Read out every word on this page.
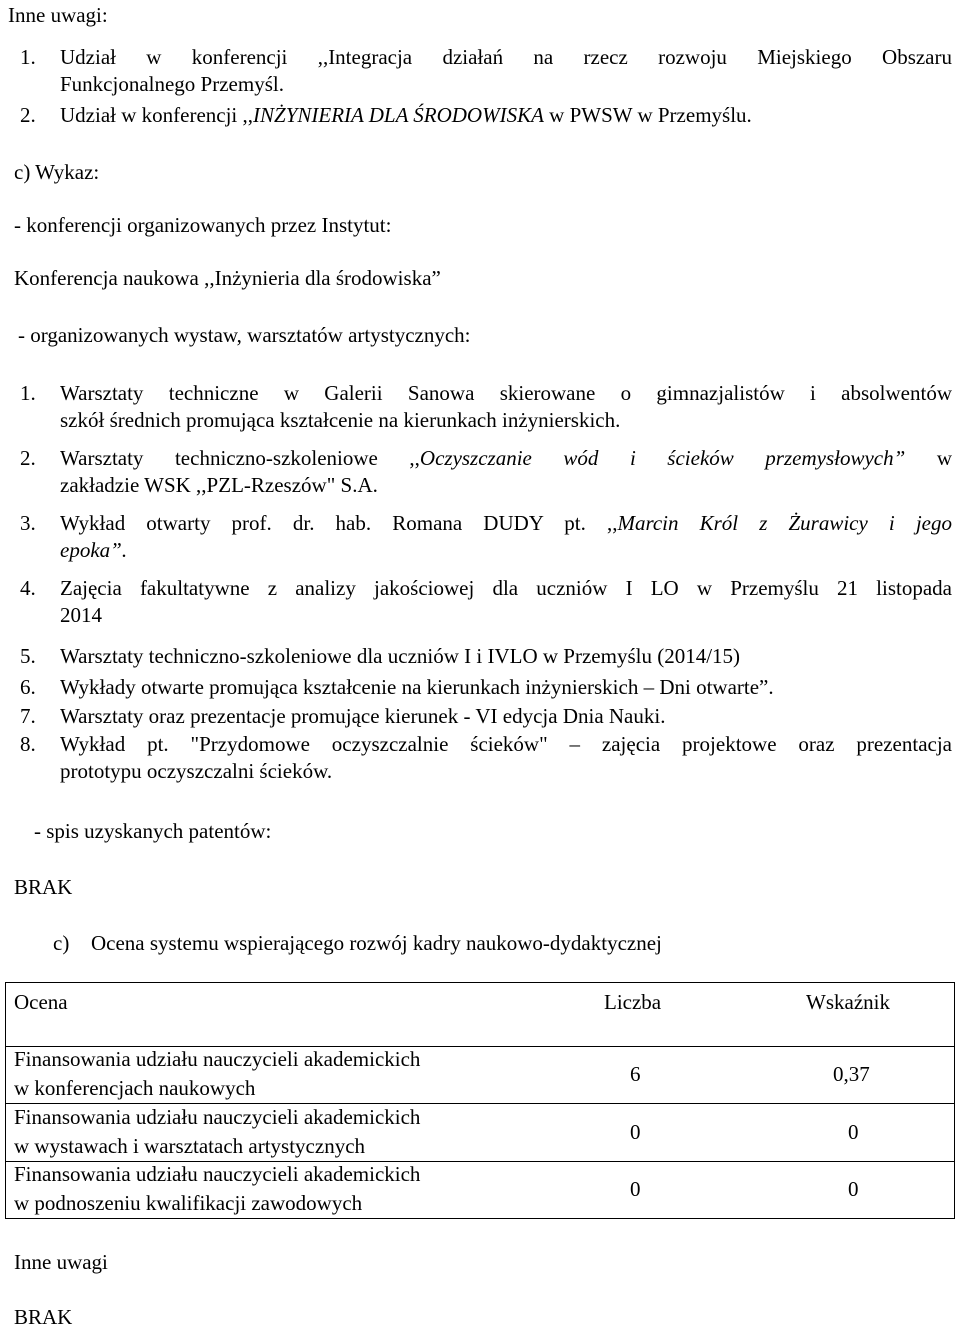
Inne uwagi:
1. Udział w konferencji ,,Integracja działań na rzecz rozwoju Miejskiego Obszaru
Funkcjonalnego Przemyśl.
2. Udział w konferencji ,,INŻYNIERIA DLA ŚRODOWISKA w PWSW w Przemyślu.
c) Wykaz:
- konferencji organizowanych przez Instytut:
Konferencja naukowa ,,Inżynieria dla środowiska”
- organizowanych wystaw, warsztatów artystycznych:
1. Warsztaty techniczne w Galerii Sanowa skierowane o gimnazjalistów i absolwentów
szkół średnich promująca kształcenie na kierunkach inżynierskich.
2. Warsztaty techniczno-szkoleniowe ,,Oczyszczanie wód i ścieków przemysłowych” w
zakładzie WSK ,,PZL-Rzeszów" S.A.
3. Wykład otwarty prof. dr. hab. Romana DUDY pt. ,,Marcin Król z Żurawicy i jego
epoka”.
4. Zajęcia fakultatywne z analizy jakościowej dla uczniów I LO w Przemyślu 21 listopada
2014
5. Warsztaty techniczno-szkoleniowe dla uczniów I i IVLO w Przemyślu (2014/15)
6. Wykłady otwarte promująca kształcenie na kierunkach inżynierskich – Dni otwarte”.
7. Warsztaty oraz prezentacje promujące kierunek - VI edycja Dnia Nauki.
8. Wykład pt. "Przydomowe oczyszczalnie ścieków" – zajęcia projektowe oraz prezentacja
prototypu oczyszczalni ścieków.
- spis uzyskanych patentów:
BRAK
c) Ocena systemu wspierającego rozwój kadry naukowo-dydaktycznej
Ocena	Liczba	Wskaźnik
Finansowania udziału nauczycieli akademickich
w konferencjach naukowych
6	0,37
Finansowania udziału nauczycieli akademickich
w wystawach i warsztatach artystycznych
0	0
Finansowania udziału nauczycieli akademickich
w podnoszeniu kwalifikacji zawodowych
0	0
Inne uwagi
BRAK
